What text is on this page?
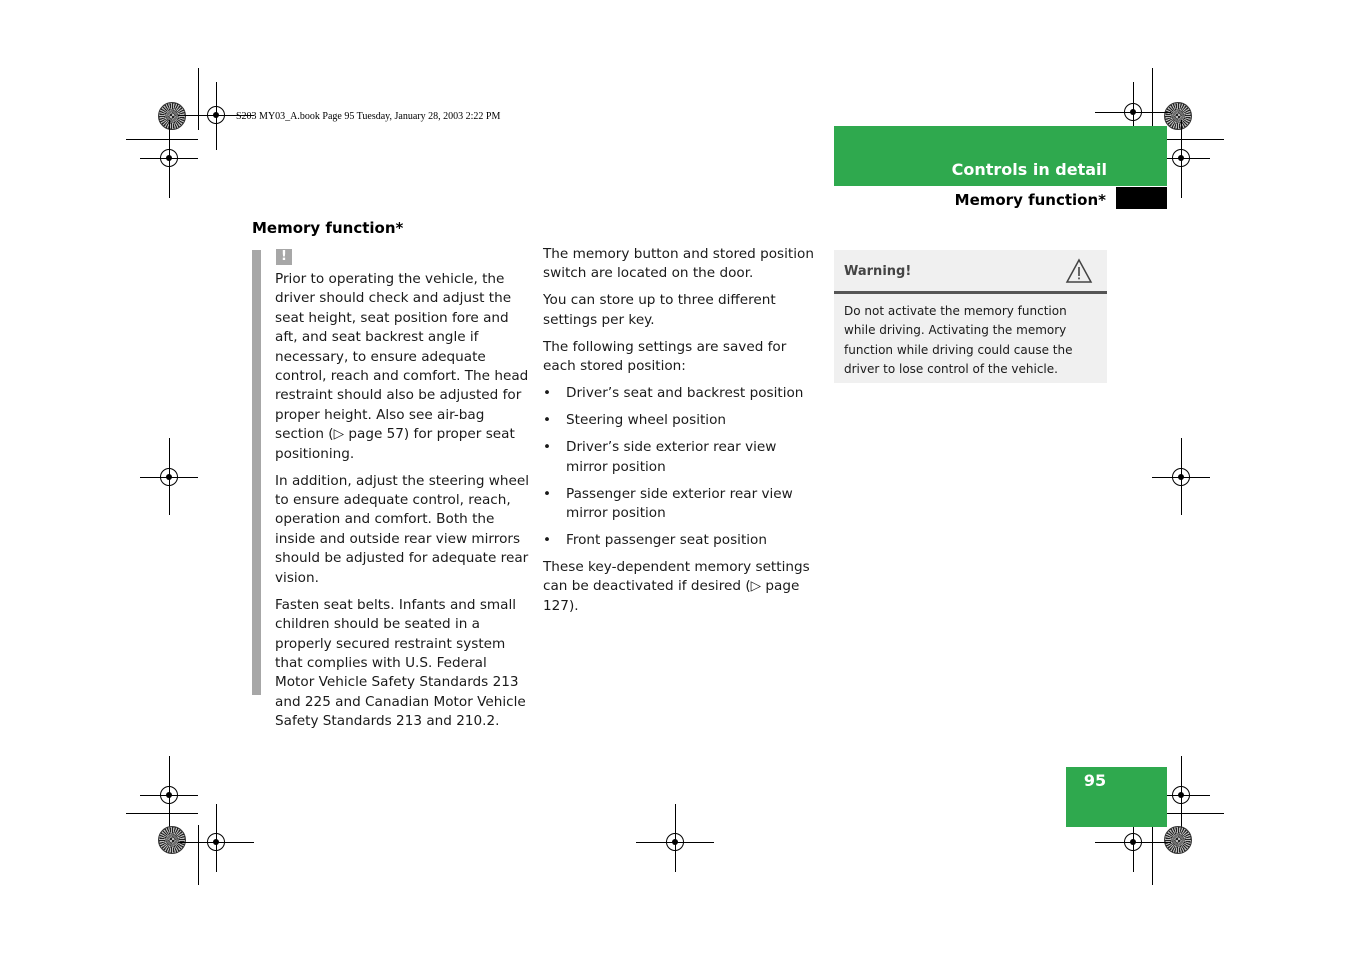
S203 MY03_A.book Page 95 Tuesday, January 28, 2003 2:22 PM
Controls in detail
Memory function*
Memory function*
!

Prior to operating the vehicle, the driver should check and adjust the seat height, seat position fore and aft, and seat backrest angle if necessary, to ensure adequate control, reach and comfort. The head restraint should also be adjusted for proper height. Also see air-bag section (▷ page 57) for proper seat positioning.

In addition, adjust the steering wheel to ensure adequate control, reach, operation and comfort. Both the inside and outside rear view mirrors should be adjusted for adequate rear vision.

Fasten seat belts. Infants and small children should be seated in a properly secured restraint system that complies with U.S. Federal Motor Vehicle Safety Standards 213 and 225 and Canadian Motor Vehicle Safety Standards 213 and 210.2.

The memory button and stored position switch are located on the door.

You can store up to three different settings per key.

The following settings are saved for each stored position:

• Driver’s seat and backrest position
• Steering wheel position
• Driver’s side exterior rear view mirror position
• Passenger side exterior rear view mirror position
• Front passenger seat position

These key-dependent memory settings can be deactivated if desired (▷ page 127).

Warning!
Do not activate the memory function while driving. Activating the memory function while driving could cause the driver to lose control of the vehicle.
95
